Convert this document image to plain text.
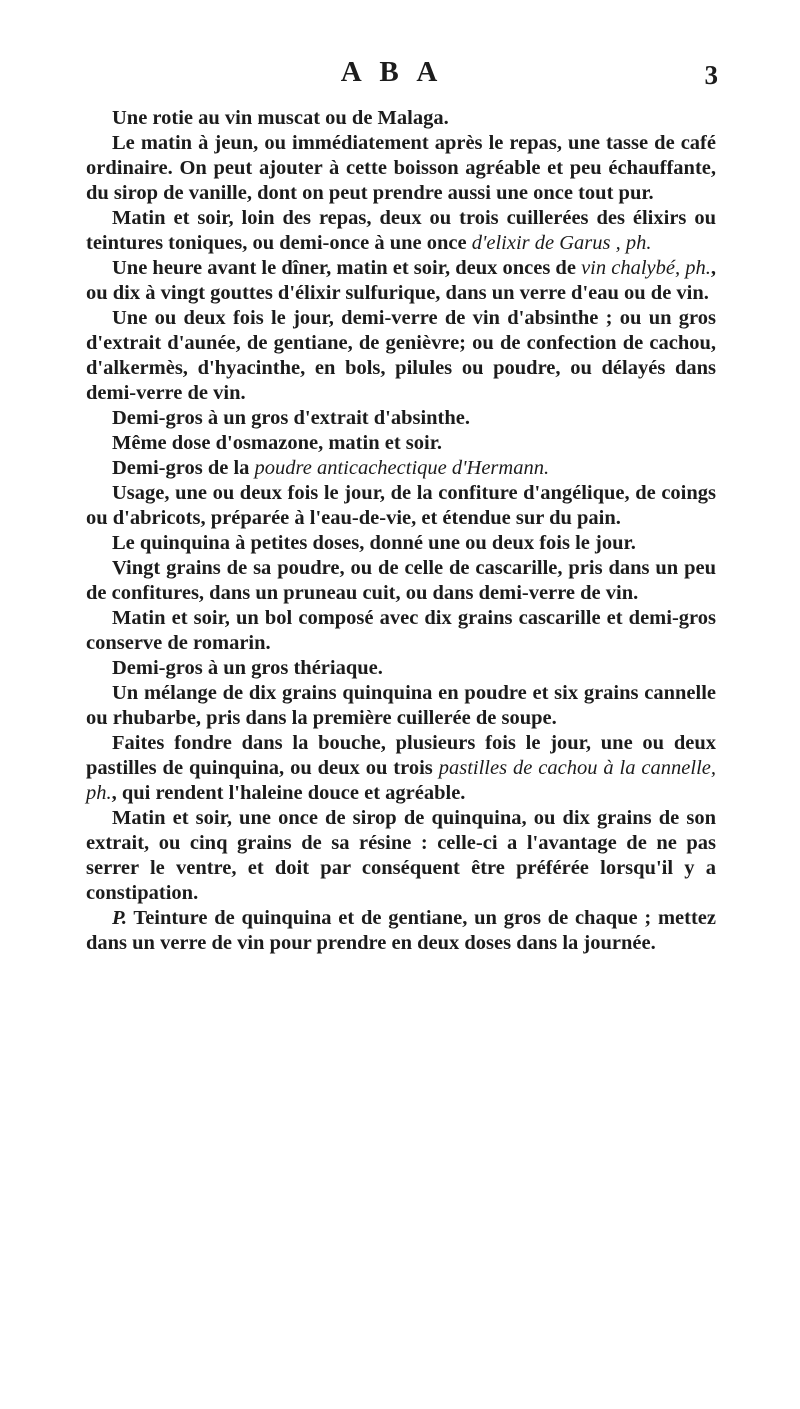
A B A	3

Une rotie au vin muscat ou de Malaga.

Le matin à jeun, ou immédiatement après le repas, une tasse de café ordinaire. On peut ajouter à cette boisson agréable et peu échauffante, du sirop de vanille, dont on peut prendre aussi une once tout pur.

Matin et soir, loin des repas, deux ou trois cuillerées des élixirs ou teintures toniques, ou demi-once à une once d'elixir de Garus , ph.

Une heure avant le dîner, matin et soir, deux onces de vin chalybé, ph., ou dix à vingt gouttes d'élixir sulfurique, dans un verre d'eau ou de vin.

Une ou deux fois le jour, demi-verre de vin d'absinthe ; ou un gros d'extrait d'aunée, de gentiane, de genièvre; ou de confection de cachou, d'alkermès, d'hyacinthe, en bols, pilules ou poudre, ou délayés dans demi-verre de vin.

Demi-gros à un gros d'extrait d'absinthe.

Même dose d'osmazone, matin et soir.

Demi-gros de la poudre anticachectique d'Hermann.

Usage, une ou deux fois le jour, de la confiture d'angélique, de coings ou d'abricots, préparée à l'eau-de-vie, et étendue sur du pain.

Le quinquina à petites doses, donné une ou deux fois le jour.

Vingt grains de sa poudre, ou de celle de cascarille, pris dans un peu de confitures, dans un pruneau cuit, ou dans demi-verre de vin.

Matin et soir, un bol composé avec dix grains cascarille et demi-gros conserve de romarin.

Demi-gros à un gros thériaque.

Un mélange de dix grains quinquina en poudre et six grains cannelle ou rhubarbe, pris dans la première cuillerée de soupe.

Faites fondre dans la bouche, plusieurs fois le jour, une ou deux pastilles de quinquina, ou deux ou trois pastilles de cachou à la cannelle, ph., qui rendent l'haleine douce et agréable.

Matin et soir, une once de sirop de quinquina, ou dix grains de son extrait, ou cinq grains de sa résine : celle-ci a l'avantage de ne pas serrer le ventre, et doit par conséquent être préférée lorsqu'il y a constipation.

P. Teinture de quinquina et de gentiane, un gros de chaque ; mettez dans un verre de vin pour prendre en deux doses dans la journée.
